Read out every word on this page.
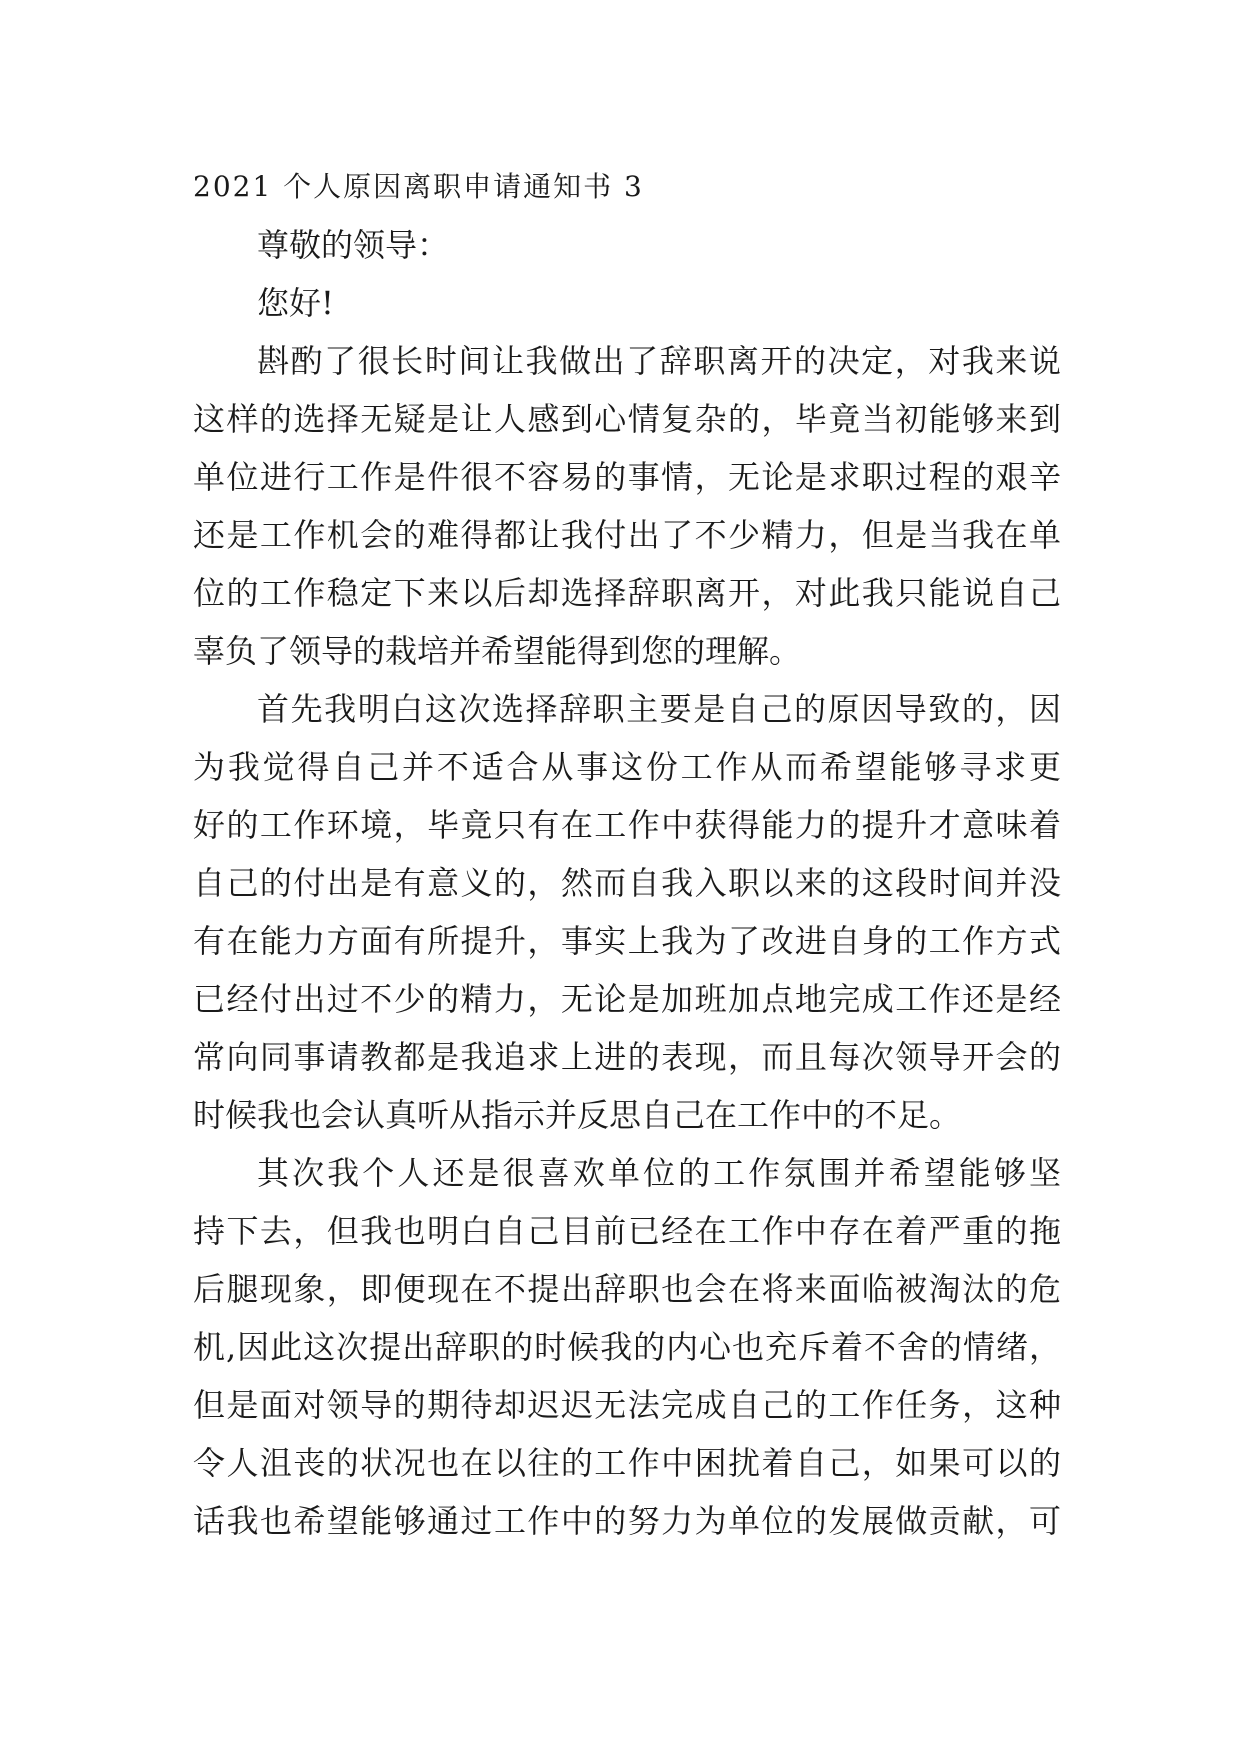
2021 个人原因离职申请通知书 3
尊敬的领导：
您好!
斟酌了很长时间让我做出了辞职离开的决定，对我来说
这样的选择无疑是让人感到心情复杂的，毕竟当初能够来到
单位进行工作是件很不容易的事情，无论是求职过程的艰辛
还是工作机会的难得都让我付出了不少精力，但是当我在单
位的工作稳定下来以后却选择辞职离开，对此我只能说自己
辜负了领导的栽培并希望能得到您的理解。
首先我明白这次选择辞职主要是自己的原因导致的，因
为我觉得自己并不适合从事这份工作从而希望能够寻求更
好的工作环境，毕竟只有在工作中获得能力的提升才意味着
自己的付出是有意义的，然而自我入职以来的这段时间并没
有在能力方面有所提升，事实上我为了改进自身的工作方式
已经付出过不少的精力，无论是加班加点地完成工作还是经
常向同事请教都是我追求上进的表现，而且每次领导开会的
时候我也会认真听从指示并反思自己在工作中的不足。
其次我个人还是很喜欢单位的工作氛围并希望能够坚
持下去，但我也明白自己目前已经在工作中存在着严重的拖
后腿现象，即便现在不提出辞职也会在将来面临被淘汰的危
机,因此这次提出辞职的时候我的内心也充斥着不舍的情绪，
但是面对领导的期待却迟迟无法完成自己的工作任务，这种
令人沮丧的状况也在以往的工作中困扰着自己，如果可以的
话我也希望能够通过工作中的努力为单位的发展做贡献，可
